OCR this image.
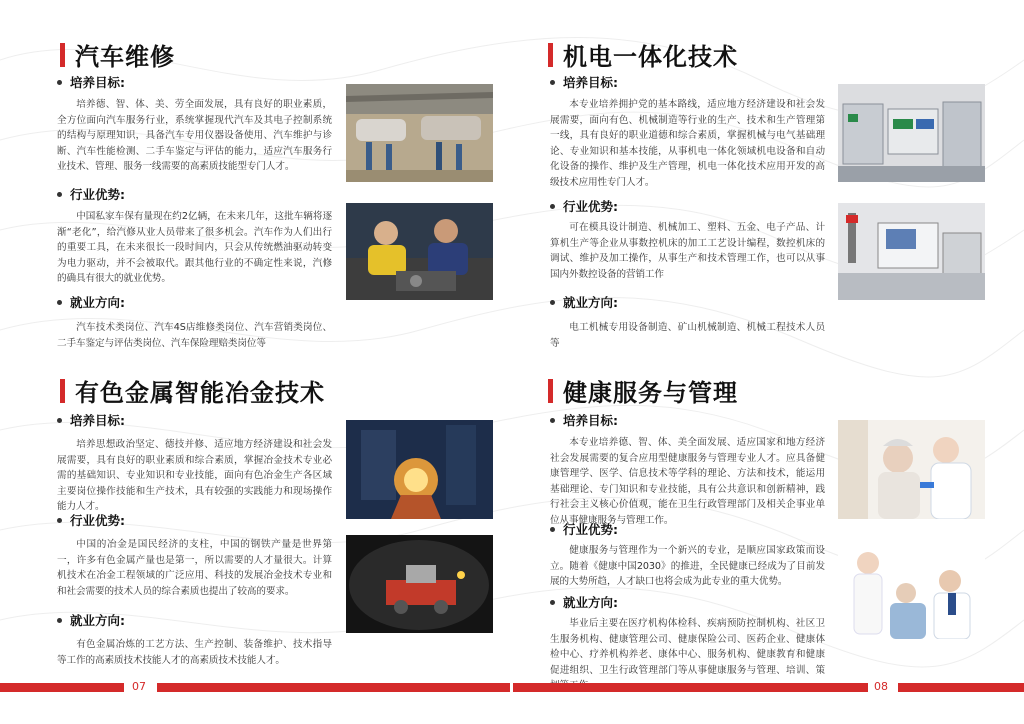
汽车维修
培养目标:
培养德、智、体、美、劳全面发展，具有良好的职业素质，全方位面向汽车服务行业，系统掌握现代汽车及其电子控制系统的结构与原理知识，具备汽车专用仪器设备使用、汽车维护与诊断、汽车性能检测、二手车鉴定与评估的能力，适应汽车服务行业技术、管理、服务一线需要的高素质技能型专门人才。
行业优势:
中国私家车保有量现在约2亿辆，在未来几年，这批车辆将逐渐“老化”，给汽修从业人员带来了很多机会。汽车作为人们出行的重要工具，在未来很长一段时间内，只会从传统燃油驱动转变为电力驱动，并不会被取代。跟其他行业的不确定性来说，汽修的确具有很大的就业优势。
就业方向:
汽车技术类岗位、汽车4S店维修类岗位、汽车营销类岗位、二手车鉴定与评估类岗位、汽车保险理赔类岗位等
机电一体化技术
培养目标:
本专业培养拥护党的基本路线，适应地方经济建设和社会发展需要，面向有色、机械制造等行业的生产、技术和生产管理第一线，具有良好的职业道德和综合素质，掌握机械与电气基础理论、专业知识和基本技能，从事机电一体化领域机电设备和自动化设备的操作、维护及生产管理，机电一体化技术应用开发的高级技术应用性专门人才。
行业优势:
可在模具设计制造、机械加工、塑料、五金、电子产品、计算机生产等企业从事数控机床的加工工艺设计编程，数控机床的调试、维护及加工操作，从事生产和技术管理工作，也可以从事国内外数控设备的营销工作
就业方向:
电工机械专用设备制造、矿山机械制造、机械工程技术人员等
有色金属智能冶金技术
培养目标:
培养思想政治坚定、德技并修、适应地方经济建设和社会发展需要，具有良好的职业素质和综合素质，掌握冶金技术专业必需的基础知识、专业知识和专业技能，面向有色冶金生产各区域主要岗位操作技能和生产技术，具有较强的实践能力和现场操作能力人才。
行业优势:
中国的冶金是国民经济的支柱，中国的钢铁产量是世界第一，许多有色金属产量也是第一，所以需要的人才量很大。计算机技术在冶金工程领域的广泛应用、科技的发展冶金技术专业和和社会需要的技术人员的综合素质也提出了较高的要求。
就业方向:
有色金属冶炼的工艺方法、生产控制、装备维护、技术指导等工作的高素质技术技能人才的高素质技术技能人才。
健康服务与管理
培养目标:
本专业培养德、智、体、美全面发展、适应国家和地方经济社会发展需要的复合应用型健康服务与管理专业人才。应具备健康管理学、医学、信息技术等学科的理论、方法和技术，能运用基础理论、专门知识和专业技能，具有公共意识和创新精神，践行社会主义核心价值观，能在卫生行政管理部门及相关企事业单位从事健康服务与管理工作。
行业优势:
健康服务与管理作为一个新兴的专业，是顺应国家政策而设立。随着《健康中国2030》的推进，全民健康已经成为了目前发展的大势所趋，人才缺口也将会成为此专业的重大优势。
就业方向:
毕业后主要在医疗机构体检科、疾病预防控制机构、社区卫生服务机构、健康管理公司、健康保险公司、医药企业、健康体检中心、疗养机构养老、康体中心、服务机构、健康教育和健康促进组织、卫生行政管理部门等从事健康服务与管理、培训、策
07	08
